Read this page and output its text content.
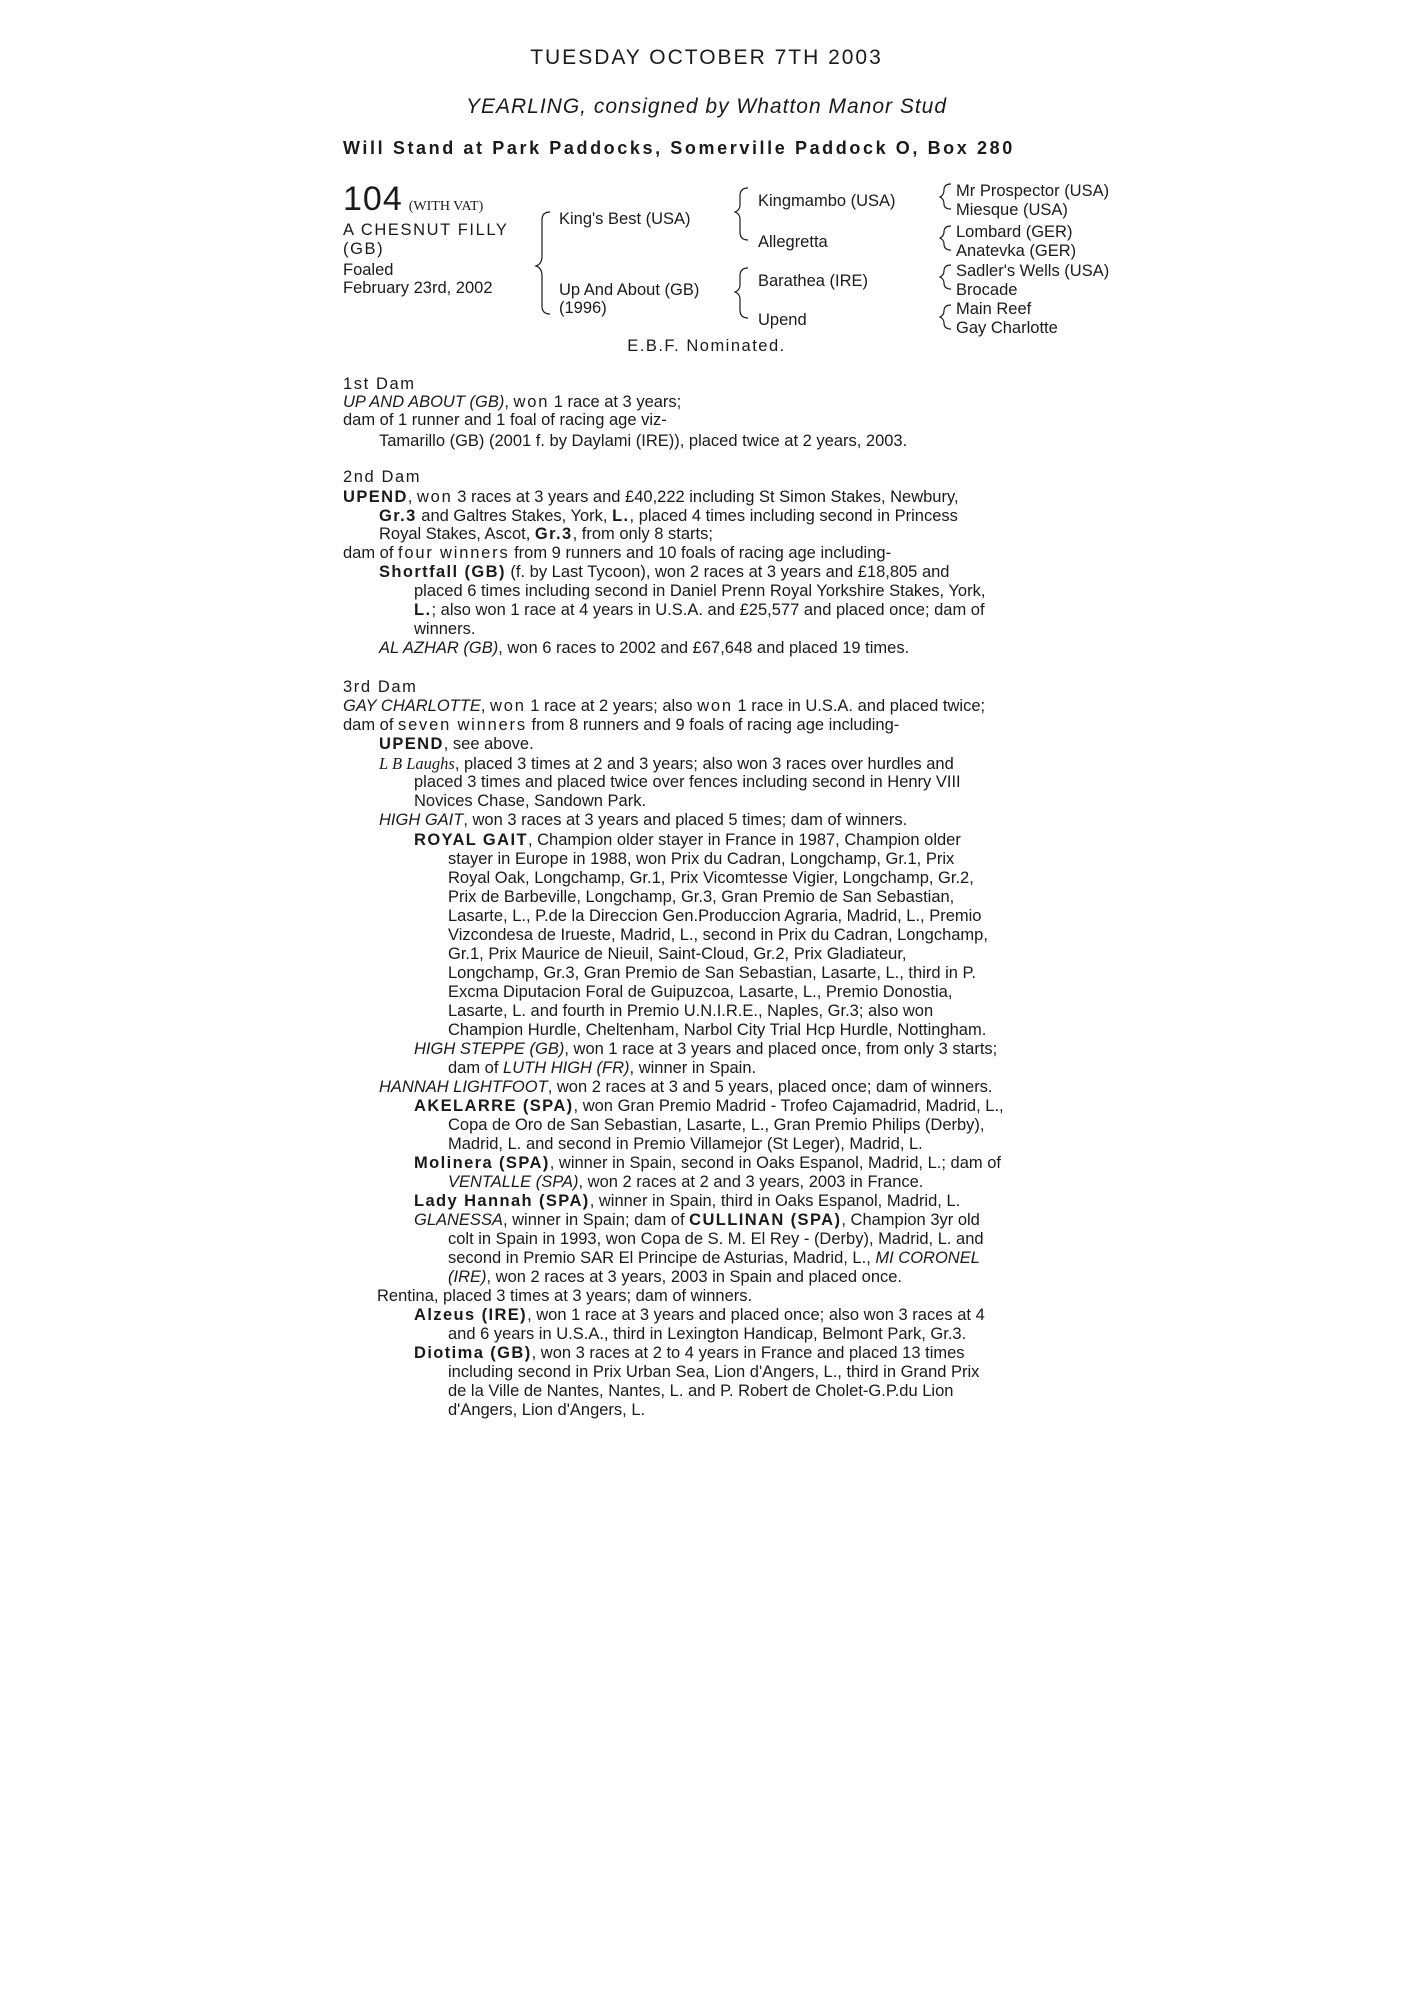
TUESDAY OCTOBER 7TH 2003
YEARLING, consigned by Whatton Manor Stud
Will Stand at Park Paddocks, Somerville Paddock O, Box 280
104 (WITH VAT)
A CHESNUT FILLY
(GB)
Foaled
February 23rd, 2002
King's Best (USA)
Up And About (GB)
(1996)
Kingmambo (USA)
Allegretta
Barathea (IRE)
Upend
Mr Prospector (USA)
Miesque (USA)
Lombard (GER)
Anatevka (GER)
Sadler's Wells (USA)
Brocade
Main Reef
Gay Charlotte
E.B.F. Nominated.
1st Dam
UP AND ABOUT (GB), won 1 race at 3 years;
dam of 1 runner and 1 foal of racing age viz-
Tamarillo (GB) (2001 f. by Daylami (IRE)), placed twice at 2 years, 2003.
2nd Dam
UPEND, won 3 races at 3 years and £40,222 including St Simon Stakes, Newbury,
Gr.3 and Galtres Stakes, York, L., placed 4 times including second in Princess
Royal Stakes, Ascot, Gr.3, from only 8 starts;
dam of four winners from 9 runners and 10 foals of racing age including-
Shortfall (GB) (f. by Last Tycoon), won 2 races at 3 years and £18,805 and
placed 6 times including second in Daniel Prenn Royal Yorkshire Stakes, York,
L.; also won 1 race at 4 years in U.S.A. and £25,577 and placed once; dam of
winners.
AL AZHAR (GB), won 6 races to 2002 and £67,648 and placed 19 times.
3rd Dam
GAY CHARLOTTE, won 1 race at 2 years; also won 1 race in U.S.A. and placed twice;
dam of seven winners from 8 runners and 9 foals of racing age including-
UPEND, see above.
L B Laughs, placed 3 times at 2 and 3 years; also won 3 races over hurdles and
placed 3 times and placed twice over fences including second in Henry VIII
Novices Chase, Sandown Park.
HIGH GAIT, won 3 races at 3 years and placed 5 times; dam of winners.
ROYAL GAIT, Champion older stayer in France in 1987, Champion older
stayer in Europe in 1988, won Prix du Cadran, Longchamp, Gr.1, Prix
Royal Oak, Longchamp, Gr.1, Prix Vicomtesse Vigier, Longchamp, Gr.2,
Prix de Barbeville, Longchamp, Gr.3, Gran Premio de San Sebastian,
Lasarte, L., P.de la Direccion Gen.Produccion Agraria, Madrid, L., Premio
Vizcondesa de Irueste, Madrid, L., second in Prix du Cadran, Longchamp,
Gr.1, Prix Maurice de Nieuil, Saint-Cloud, Gr.2, Prix Gladiateur,
Longchamp, Gr.3, Gran Premio de San Sebastian, Lasarte, L., third in P.
Excma Diputacion Foral de Guipuzcoa, Lasarte, L., Premio Donostia,
Lasarte, L. and fourth in Premio U.N.I.R.E., Naples, Gr.3; also won
Champion Hurdle, Cheltenham, Narbol City Trial Hcp Hurdle, Nottingham.
HIGH STEPPE (GB), won 1 race at 3 years and placed once, from only 3 starts;
dam of LUTH HIGH (FR), winner in Spain.
HANNAH LIGHTFOOT, won 2 races at 3 and 5 years, placed once; dam of winners.
AKELARRE (SPA), won Gran Premio Madrid - Trofeo Cajamadrid, Madrid, L.,
Copa de Oro de San Sebastian, Lasarte, L., Gran Premio Philips (Derby),
Madrid, L. and second in Premio Villamejor (St Leger), Madrid, L.
Molinera (SPA), winner in Spain, second in Oaks Espanol, Madrid, L.; dam of
VENTALLE (SPA), won 2 races at 2 and 3 years, 2003 in France.
Lady Hannah (SPA), winner in Spain, third in Oaks Espanol, Madrid, L.
GLANESSA, winner in Spain; dam of CULLINAN (SPA), Champion 3yr old
colt in Spain in 1993, won Copa de S. M. El Rey - (Derby), Madrid, L. and
second in Premio SAR El Principe de Asturias, Madrid, L., MI CORONEL
(IRE), won 2 races at 3 years, 2003 in Spain and placed once.
Rentina, placed 3 times at 3 years; dam of winners.
Alzeus (IRE), won 1 race at 3 years and placed once; also won 3 races at 4
and 6 years in U.S.A., third in Lexington Handicap, Belmont Park, Gr.3.
Diotima (GB), won 3 races at 2 to 4 years in France and placed 13 times
including second in Prix Urban Sea, Lion d'Angers, L., third in Grand Prix
de la Ville de Nantes, Nantes, L. and P. Robert de Cholet-G.P.du Lion
d'Angers, Lion d'Angers, L.
